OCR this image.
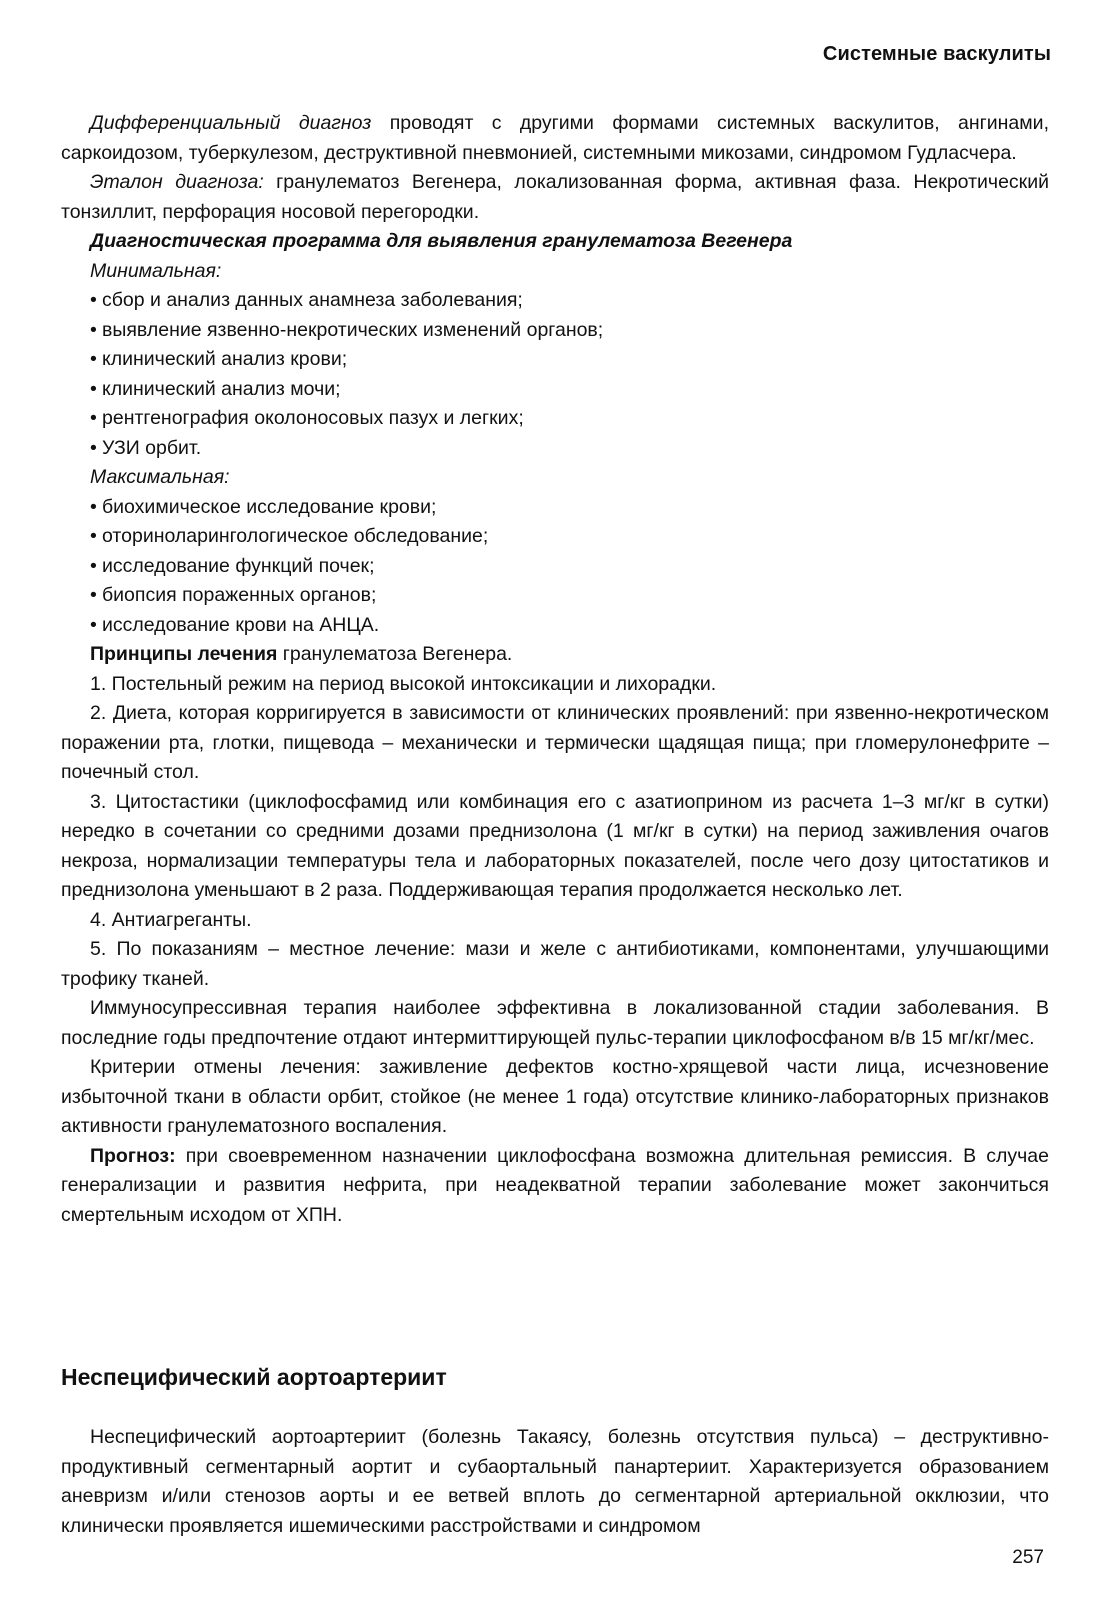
Системные васкулиты

Дифференциальный диагноз проводят с другими формами системных васкулитов, ангинами, саркоидозом, туберкулезом, деструктивной пневмонией, системными микозами, синдромом Гудласчера.

Эталон диагноза: гранулематоз Вегенера, локализованная форма, активная фаза. Некротический тонзиллит, перфорация носовой перегородки.

Диагностическая программа для выявления гранулематоза Вегенера
Минимальная:
• сбор и анализ данных анамнеза заболевания;
• выявление язвенно-некротических изменений органов;
• клинический анализ крови;
• клинический анализ мочи;
• рентгенография околоносовых пазух и легких;
• УЗИ орбит.
Максимальная:
• биохимическое исследование крови;
• оториноларингологическое обследование;
• исследование функций почек;
• биопсия пораженных органов;
• исследование крови на АНЦА.
Принципы лечения гранулематоза Вегенера.

1. Постельный режим на период высокой интоксикации и лихорадки.

2. Диета, которая корригируется в зависимости от клинических проявлений: при язвенно-некротическом поражении рта, глотки, пищевода – механически и термически щадящая пища; при гломерулонефрите – почечный стол.

3. Цитостастики (циклофосфамид или комбинация его с азатиоприном из расчета 1–3 мг/кг в сутки) нередко в сочетании со средними дозами преднизолона (1 мг/кг в сутки) на период заживления очагов некроза, нормализации температуры тела и лабораторных показателей, после чего дозу цитостатиков и преднизолона уменьшают в 2 раза. Поддерживающая терапия продолжается несколько лет.

4. Антиагреганты.

5. По показаниям – местное лечение: мази и желе с антибиотиками, компонентами, улучшающими трофику тканей.

Иммуносупрессивная терапия наиболее эффективна в локализованной стадии заболевания. В последние годы предпочтение отдают интермиттирующей пульс-терапии циклофосфаном в/в 15 мг/кг/мес.

Критерии отмены лечения: заживление дефектов костно-хрящевой части лица, исчезновение избыточной ткани в области орбит, стойкое (не менее 1 года) отсутствие клинико-лабораторных признаков активности гранулематозного воспаления.

Прогноз: при своевременном назначении циклофосфана возможна длительная ремиссия. В случае генерализации и развития нефрита, при неадекватной терапии заболевание может закончиться смертельным исходом от ХПН.

Неспецифический аортоартериит

Неспецифический аортоартериит (болезнь Такаясу, болезнь отсутствия пульса) – деструктивно-продуктивный сегментарный аортит и субаортальный панартериит. Характеризуется образованием аневризм и/или стенозов аорты и ее ветвей вплоть до сегментарной артериальной окклюзии, что клинически проявляется ишемическими расстройствами и синдромом

257
